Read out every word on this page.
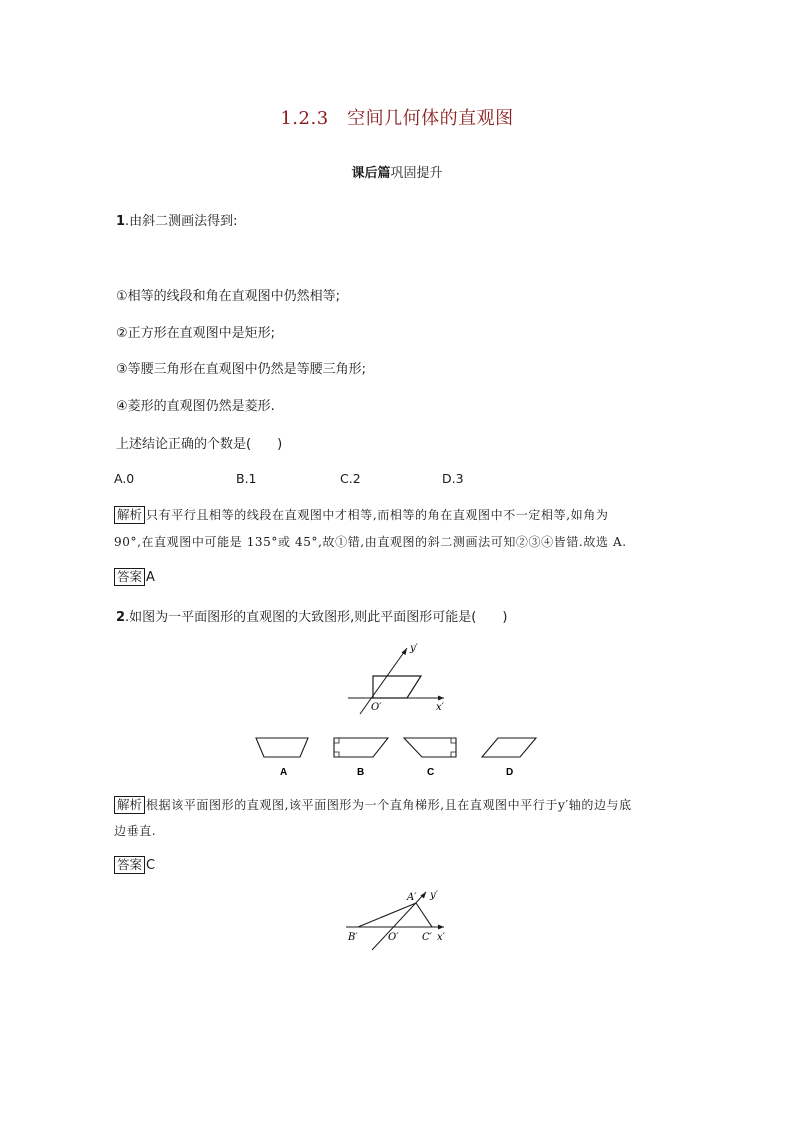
1.2.3　空间几何体的直观图
课后篇巩固提升
1.由斜二测画法得到:
①相等的线段和角在直观图中仍然相等;
②正方形在直观图中是矩形;
③等腰三角形在直观图中仍然是等腰三角形;
④菱形的直观图仍然是菱形.
上述结论正确的个数是(　　)
A.0	B.1	C.2	D.3
解析 只有平行且相等的线段在直观图中才相等,而相等的角在直观图中不一定相等,如角为
90°,在直观图中可能是 135°或 45°,故①错,由直观图的斜二测画法可知②③④皆错.故选 A.
答案 A
2.如图为一平面图形的直观图的大致图形,则此平面图形可能是(　　)
y′
x′
O′
A	B	C	D
解析 根据该平面图形的直观图,该平面图形为一个直角梯形,且在直观图中平行于y′轴的边与底
边垂直.
答案 C
A′ y′
B′	O′ C′ x′
